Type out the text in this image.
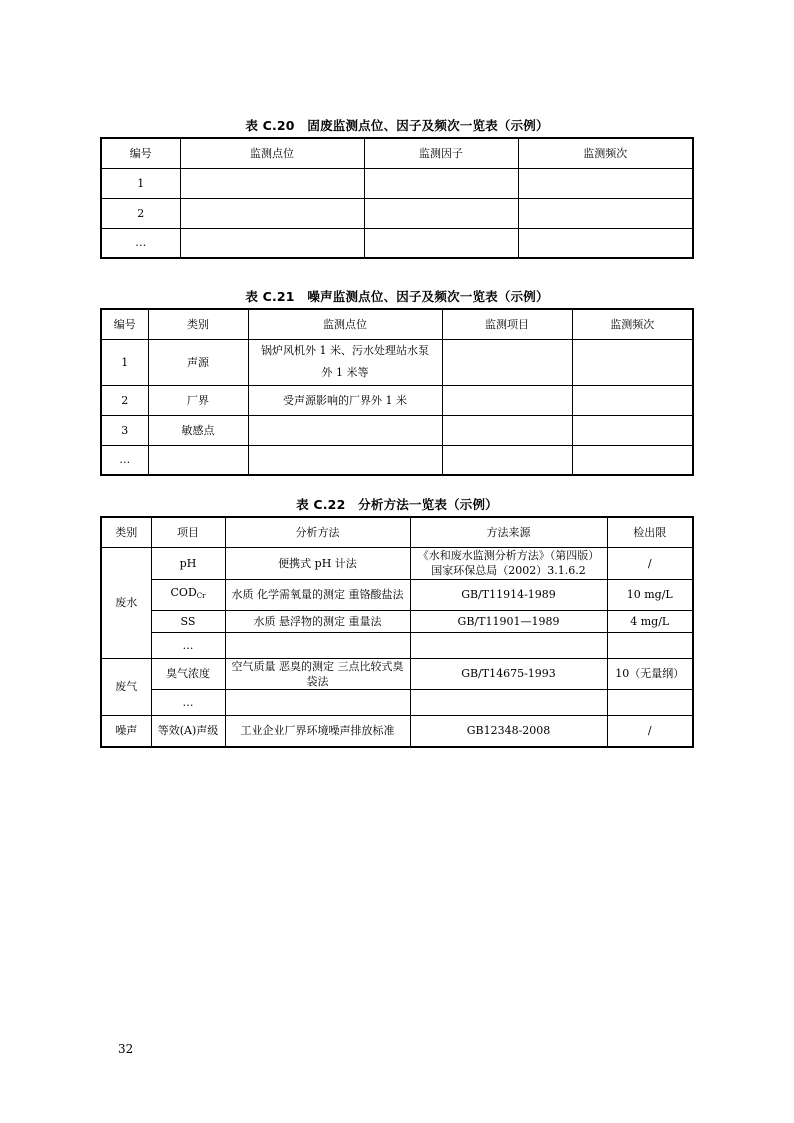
表 C.20　固废监测点位、因子及频次一览表（示例）
编号	监测点位	监测因子	监测频次
1			
2			
…			
表 C.21　噪声监测点位、因子及频次一览表（示例）
编号	类别	监测点位	监测项目	监测频次
1	声源	锅炉风机外 1 米、污水处理站水泵外 1 米等		
2	厂界	受声源影响的厂界外 1 米		
3	敏感点			
…				
表 C.22　分析方法一览表（示例）
类别	项目	分析方法	方法来源	检出限
废水	pH	便携式 pH 计法	《水和废水监测分析方法》（第四版）国家环保总局（2002）3.1.6.2	/
	$COD_{Cr}$	水质 化学需氧量的测定 重铬酸盐法	GB/T11914-1989	10 mg/L
	SS	水质 悬浮物的测定 重量法	GB/T11901—1989	4 mg/L
	…			
废气	臭气浓度	空气质量 恶臭的测定 三点比较式臭袋法	GB/T14675-1993	10（无量纲）
	…			
噪声	等效(A)声级	工业企业厂界环境噪声排放标准	GB12348-2008	/
32
